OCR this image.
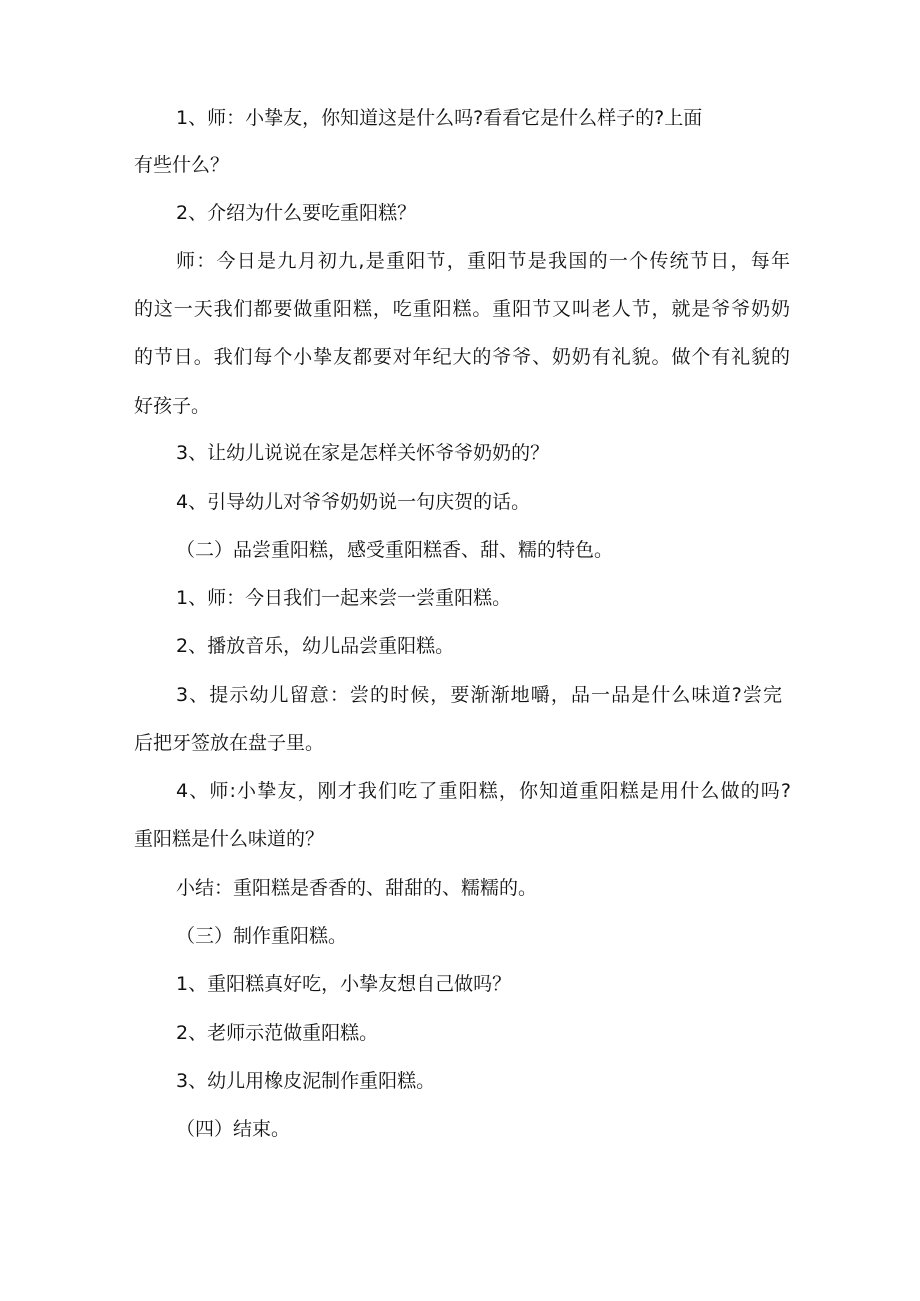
1、师：小挚友，你知道这是什么吗?看看它是什么样子的?上面
有些什么？
2、介绍为什么要吃重阳糕？
师：今日是九月初九,是重阳节，重阳节是我国的一个传统节日，每年
的这一天我们都要做重阳糕，吃重阳糕。重阳节又叫老人节，就是爷爷奶奶
的节日。我们每个小挚友都要对年纪大的爷爷、奶奶有礼貌。做个有礼貌的
好孩子。
3、让幼儿说说在家是怎样关怀爷爷奶奶的？
4、引导幼儿对爷爷奶奶说一句庆贺的话。
（二）品尝重阳糕，感受重阳糕香、甜、糯的特色。
1、师：今日我们一起来尝一尝重阳糕。
2、播放音乐，幼儿品尝重阳糕。
3、提示幼儿留意：尝的时候，要渐渐地嚼，品一品是什么味道?尝完
后把牙签放在盘子里。
4、师:小挚友，刚才我们吃了重阳糕，你知道重阳糕是用什么做的吗?
重阳糕是什么味道的？
小结：重阳糕是香香的、甜甜的、糯糯的。
（三）制作重阳糕。
1、重阳糕真好吃，小挚友想自己做吗？
2、老师示范做重阳糕。
3、幼儿用橡皮泥制作重阳糕。
（四）结束。
